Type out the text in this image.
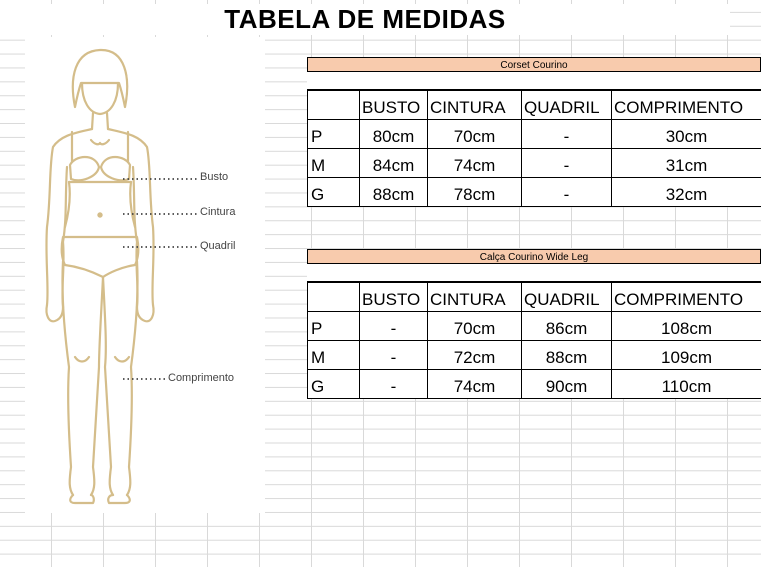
TABELA DE MEDIDAS
Busto
Cintura
Quadril
Comprimento
Corset Courino
	BUSTO	CINTURA	QUADRIL	COMPRIMENTO
P	80cm	70cm	-	30cm
M	84cm	74cm	-	31cm
G	88cm	78cm	-	32cm
Calça Courino Wide Leg
	BUSTO	CINTURA	QUADRIL	COMPRIMENTO
P	-	70cm	86cm	108cm
M	-	72cm	88cm	109cm
G	-	74cm	90cm	110cm
